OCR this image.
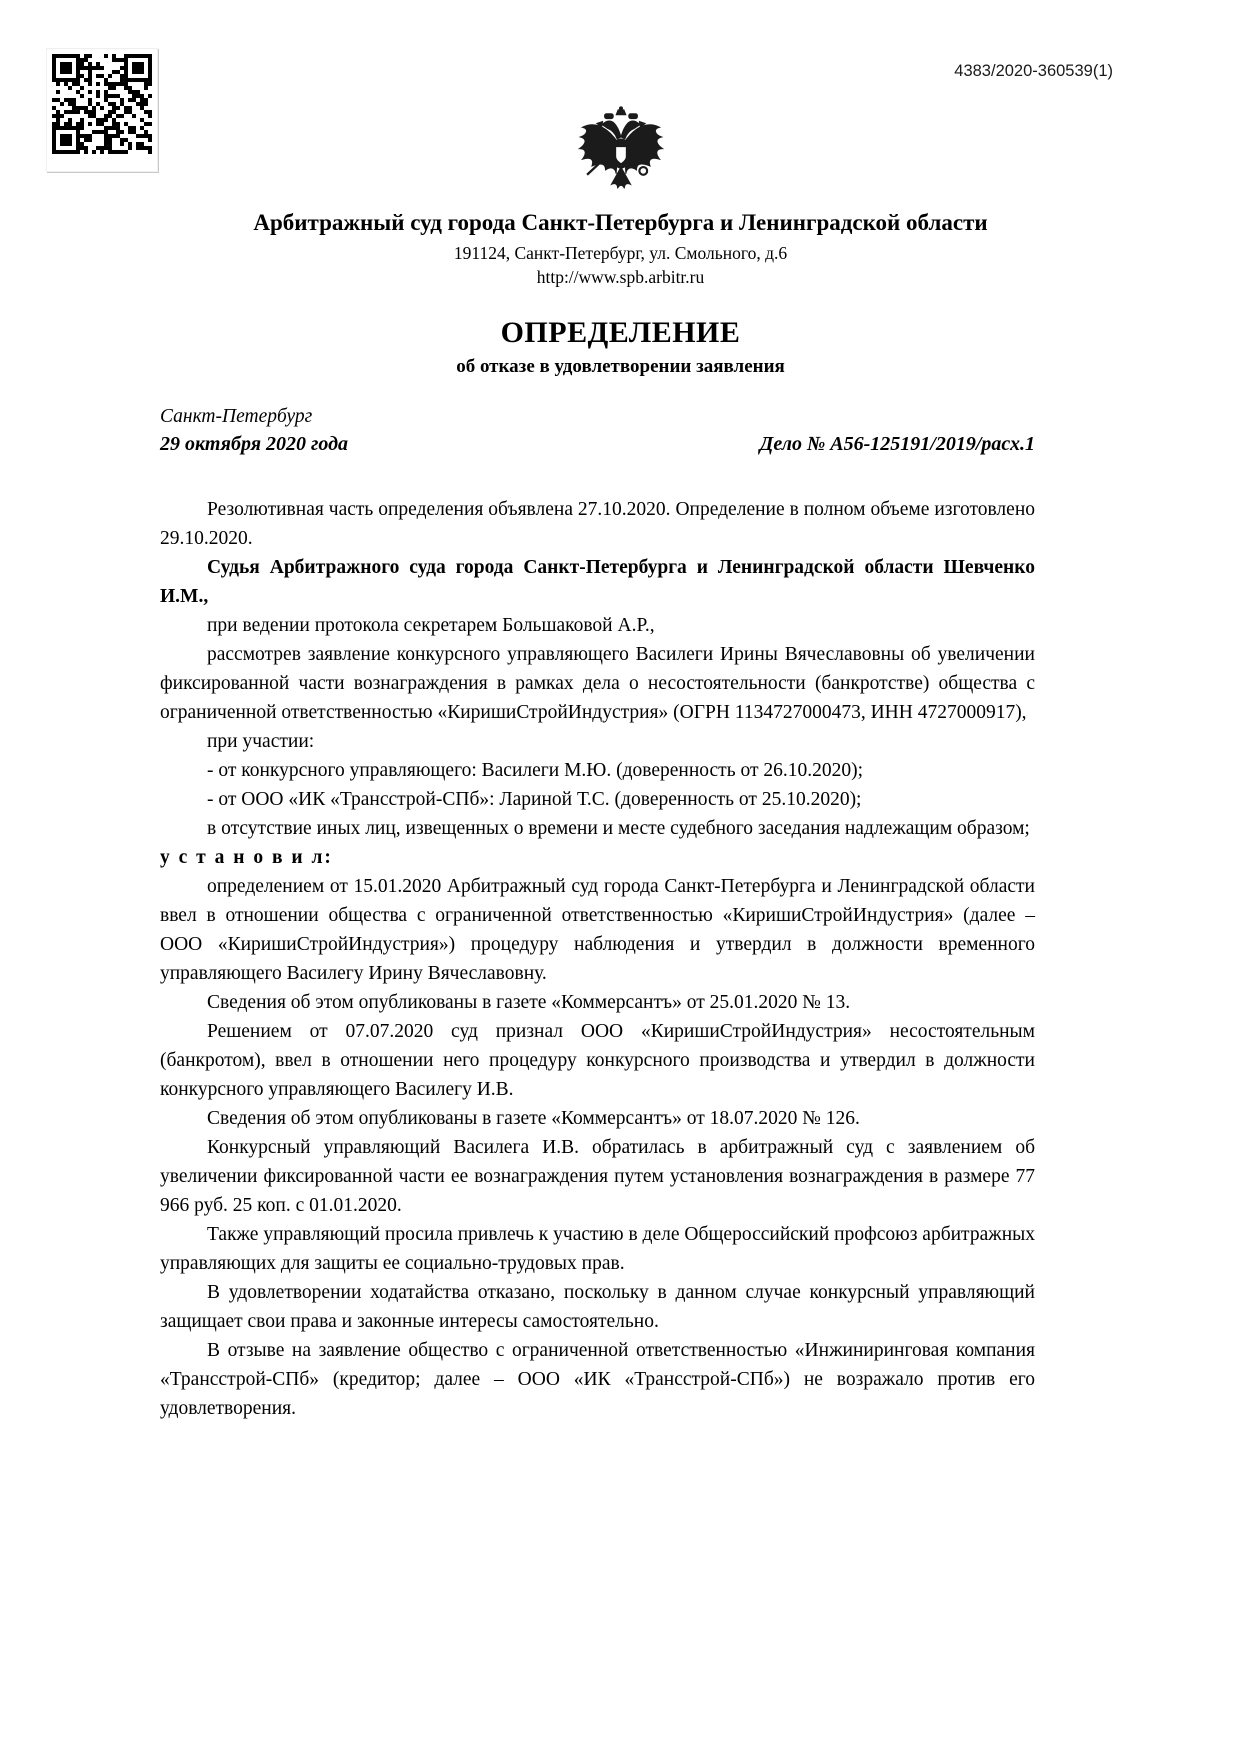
4383/2020-360539(1)
Арбитражный суд города Санкт-Петербурга и Ленинградской области
191124, Санкт-Петербург, ул. Смольного, д.6
http://www.spb.arbitr.ru
ОПРЕДЕЛЕНИЕ
об отказе в удовлетворении заявления
Санкт-Петербург
29 октября 2020 года	Дело № А56-125191/2019/расх.1

Резолютивная часть определения объявлена 27.10.2020. Определение в полном объеме изготовлено 29.10.2020.

Судья Арбитражного суда города Санкт-Петербурга и Ленинградской области Шевченко И.М.,

при ведении протокола секретарем Большаковой А.Р.,

рассмотрев заявление конкурсного управляющего Василеги Ирины Вячеславовны об увеличении фиксированной части вознаграждения в рамках дела о несостоятельности (банкротстве) общества с ограниченной ответственностью «КиришиСтройИндустрия» (ОГРН 1134727000473, ИНН 4727000917),

при участии:

- от конкурсного управляющего: Василеги М.Ю. (доверенность от 26.10.2020);

- от ООО «ИК «Трансстрой-СПб»: Лариной Т.С. (доверенность от 25.10.2020);

в отсутствие иных лиц, извещенных о времени и месте судебного заседания надлежащим образом;

у с т а н о в и л:

определением от 15.01.2020 Арбитражный суд города Санкт-Петербурга и Ленинградской области ввел в отношении общества с ограниченной ответственностью «КиришиСтройИндустрия» (далее – ООО «КиришиСтройИндустрия») процедуру наблюдения и утвердил в должности временного управляющего Василегу Ирину Вячеславовну.

Сведения об этом опубликованы в газете «Коммерсантъ» от 25.01.2020 № 13.

Решением от 07.07.2020 суд признал ООО «КиришиСтройИндустрия» несостоятельным (банкротом), ввел в отношении него процедуру конкурсного производства и утвердил в должности конкурсного управляющего Василегу И.В.

Сведения об этом опубликованы в газете «Коммерсантъ» от 18.07.2020 № 126.

Конкурсный управляющий Василега И.В. обратилась в арбитражный суд с заявлением об увеличении фиксированной части ее вознаграждения путем установления вознаграждения в размере 77 966 руб. 25 коп. с 01.01.2020.

Также управляющий просила привлечь к участию в деле Общероссийский профсоюз арбитражных управляющих для защиты ее социально-трудовых прав.

В удовлетворении ходатайства отказано, поскольку в данном случае конкурсный управляющий защищает свои права и законные интересы самостоятельно.

В отзыве на заявление общество с ограниченной ответственностью «Инжиниринговая компания «Трансстрой-СПб» (кредитор; далее – ООО «ИК «Трансстрой-СПб») не возражало против его удовлетворения.
